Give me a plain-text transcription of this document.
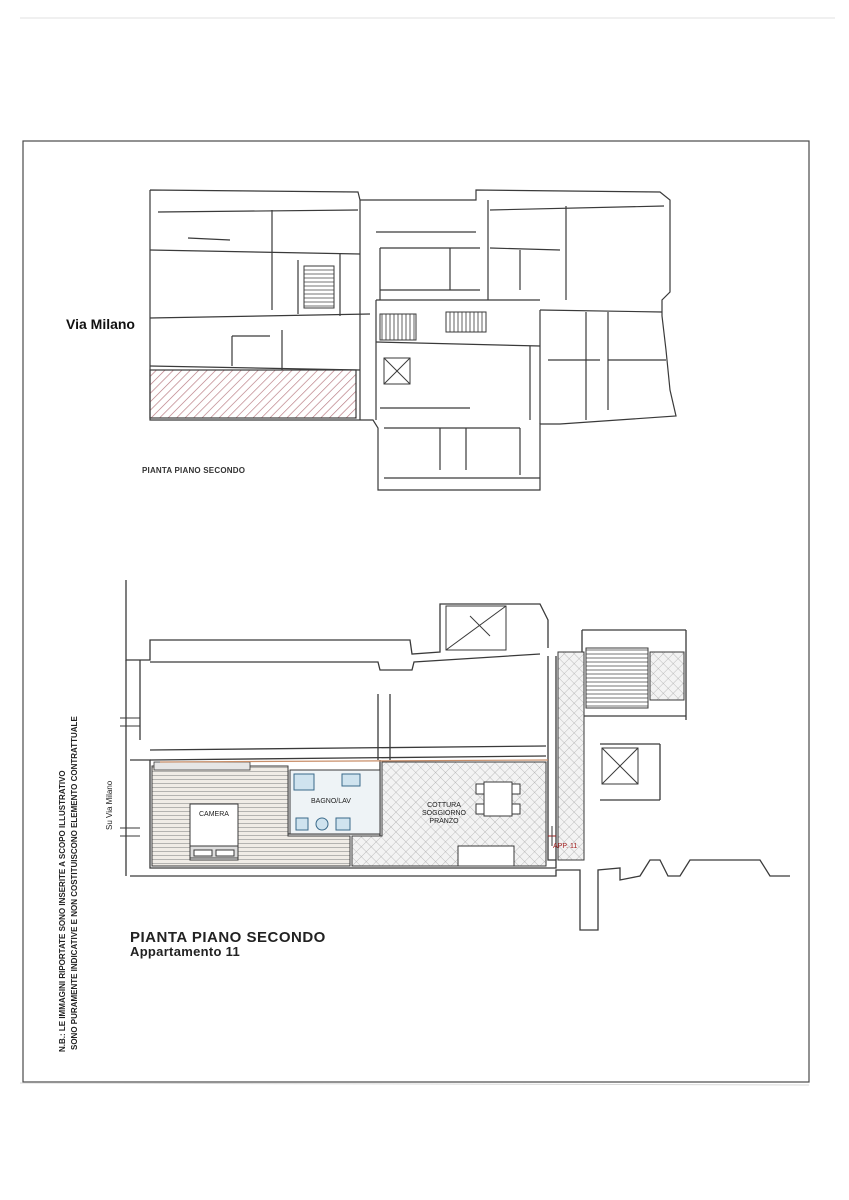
Via Milano
PIANTA PIANO SECONDO
CAMERA
BAGNO/LAV
COTTURA SOGGIORNO PRANZO
APP. 11
PIANTA PIANO SECONDO
Appartamento 11
Su Via Milano
N.B.: LE IMMAGINI RIPORTATE SONO INSERITE A SCOPO ILLUSTRATIVO SONO PURAMENTE INDICATIVE E NON COSTITUISCONO ELEMENTO CONTRATTUALE
